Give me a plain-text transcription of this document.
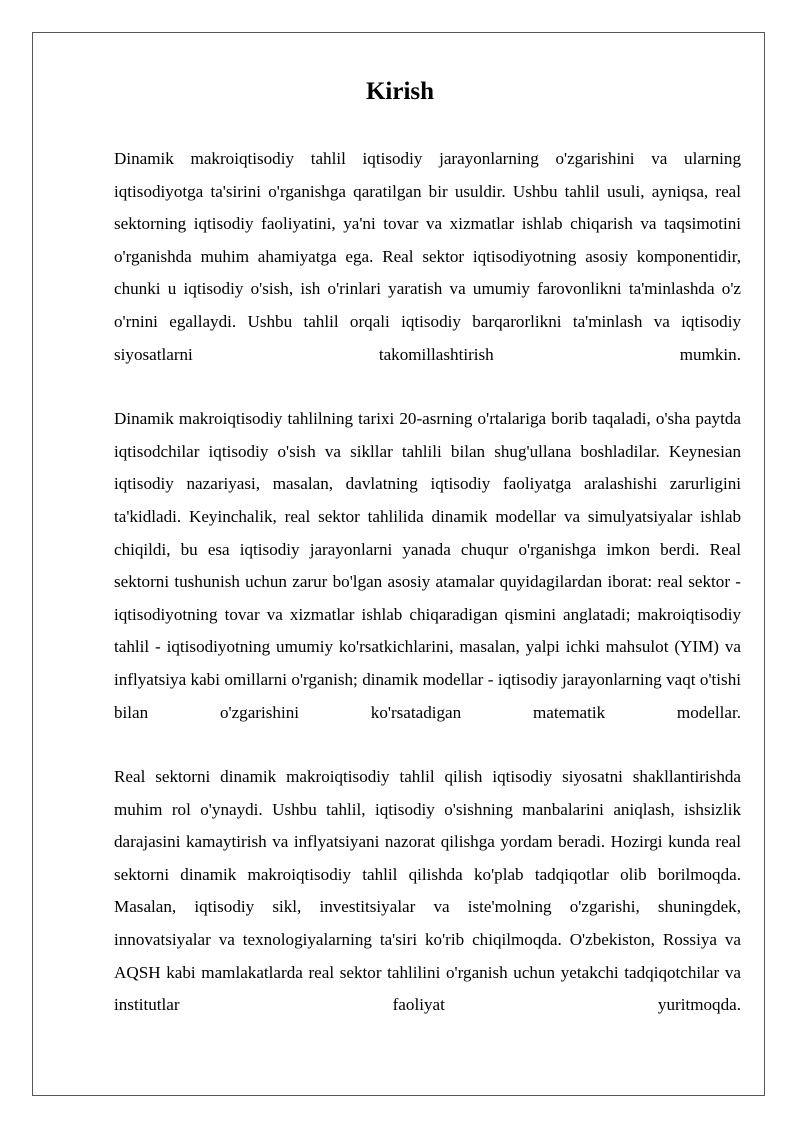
Kirish

Dinamik makroiqtisodiy tahlil iqtisodiy jarayonlarning o'zgarishini va ularning iqtisodiyotga ta'sirini o'rganishga qaratilgan bir usuldir. Ushbu tahlil usuli, ayniqsa, real sektorning iqtisodiy faoliyatini, ya'ni tovar va xizmatlar ishlab chiqarish va taqsimotini o'rganishda muhim ahamiyatga ega. Real sektor iqtisodiyotning asosiy komponentidir, chunki u iqtisodiy o'sish, ish o'rinlari yaratish va umumiy farovonlikni ta'minlashda o'z o'rnini egallaydi. Ushbu tahlil orqali iqtisodiy barqarorlikni ta'minlash va iqtisodiy siyosatlarni takomillashtirish mumkin.

Dinamik makroiqtisodiy tahlilning tarixi 20-asrning o'rtalariga borib taqaladi, o'sha paytda iqtisodchilar iqtisodiy o'sish va sikllar tahlili bilan shug'ullana boshladilar. Keynesian iqtisodiy nazariyasi, masalan, davlatning iqtisodiy faoliyatga aralashishi zarurligini ta'kidladi. Keyinchalik, real sektor tahlilida dinamik modellar va simulyatsiyalar ishlab chiqildi, bu esa iqtisodiy jarayonlarni yanada chuqur o'rganishga imkon berdi. Real sektorni tushunish uchun zarur bo'lgan asosiy atamalar quyidagilardan iborat: real sektor - iqtisodiyotning tovar va xizmatlar ishlab chiqaradigan qismini anglatadi; makroiqtisodiy tahlil - iqtisodiyotning umumiy ko'rsatkichlarini, masalan, yalpi ichki mahsulot (YIM) va inflyatsiya kabi omillarni o'rganish; dinamik modellar - iqtisodiy jarayonlarning vaqt o'tishi bilan o'zgarishini ko'rsatadigan matematik modellar.

Real sektorni dinamik makroiqtisodiy tahlil qilish iqtisodiy siyosatni shakllantirishda muhim rol o'ynaydi. Ushbu tahlil, iqtisodiy o'sishning manbalarini aniqlash, ishsizlik darajasini kamaytirish va inflyatsiyani nazorat qilishga yordam beradi. Hozirgi kunda real sektorni dinamik makroiqtisodiy tahlil qilishda ko'plab tadqiqotlar olib borilmoqda. Masalan, iqtisodiy sikl, investitsiyalar va iste'molning o'zgarishi, shuningdek, innovatsiyalar va texnologiyalarning ta'siri ko'rib chiqilmoqda. O'zbekiston, Rossiya va AQSH kabi mamlakatlarda real sektor tahlilini o'rganish uchun yetakchi tadqiqotchilar va institutlar faoliyat yuritmoqda.
